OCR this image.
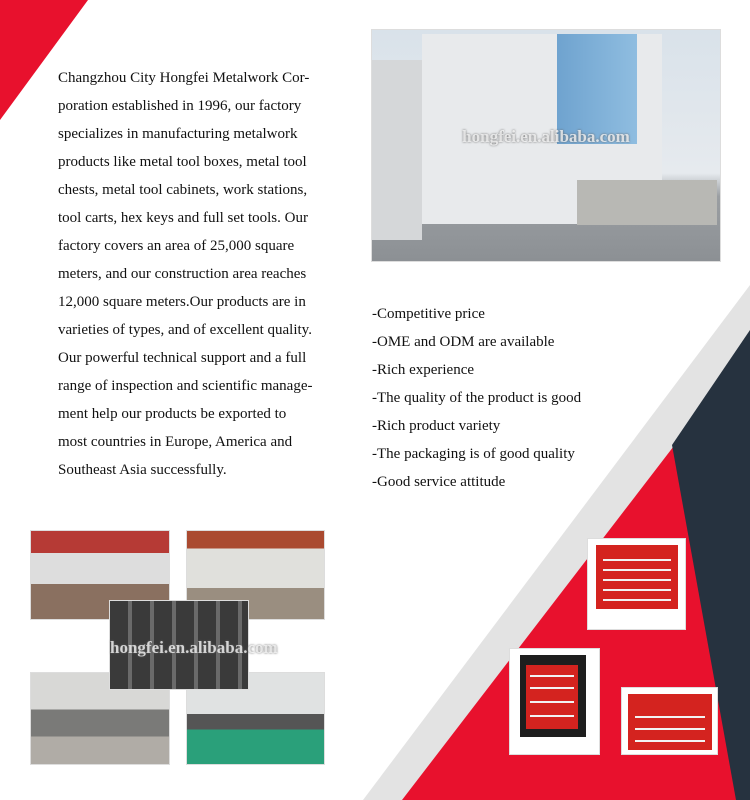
Changzhou City Hongfei Metalwork Cor-
poration established in 1996, our factory
specializes in manufacturing metalwork
products like metal tool boxes, metal tool
chests, metal tool cabinets, work stations,
tool carts, hex keys and full set tools. Our
factory covers an area of 25,000 square
meters, and our construction area reaches
12,000 square meters.Our products are in
varieties of types, and of excellent quality.
Our powerful technical support and a full
range of inspection and scientific manage-
ment help our products be exported to
most countries in Europe, America and
Southeast Asia successfully.
hongfei.en.alibaba.com
-Competitive price
-OME and ODM are available
-Rich experience
-The quality of the product is good
-Rich product variety
-The packaging is of good quality
-Good service attitude
hongfei.en.alibaba.com
